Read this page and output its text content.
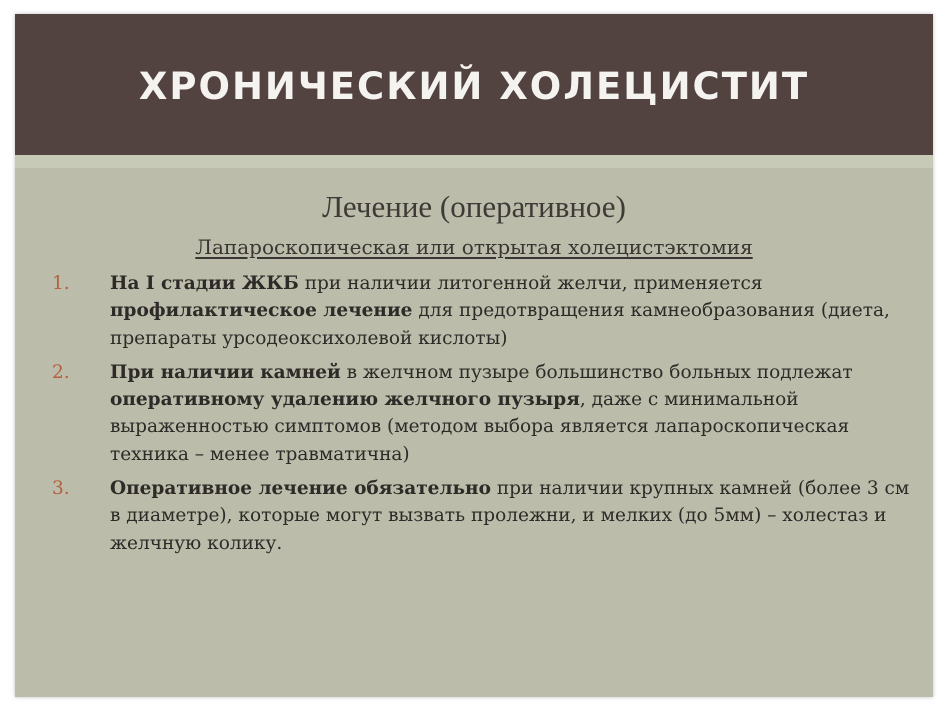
ХРОНИЧЕСКИЙ ХОЛЕЦИСТИТ
Лечение (оперативное)
Лапароскопическая или открытая холецистэктомия
1. На I стадии ЖКБ при наличии литогенной желчи, применяется профилактическое лечение для предотвращения камнеобразования (диета, препараты урсодеоксихолевой кислоты)
2. При наличии камней в желчном пузыре большинство больных подлежат оперативному удалению желчного пузыря, даже с минимальной выраженностью симптомов (методом выбора является лапароскопическая техника – менее травматична)
3. Оперативное лечение обязательно при наличии крупных камней (более 3 см в диаметре), которые могут вызвать пролежни, и мелких (до 5мм) – холестаз и желчную колику.
